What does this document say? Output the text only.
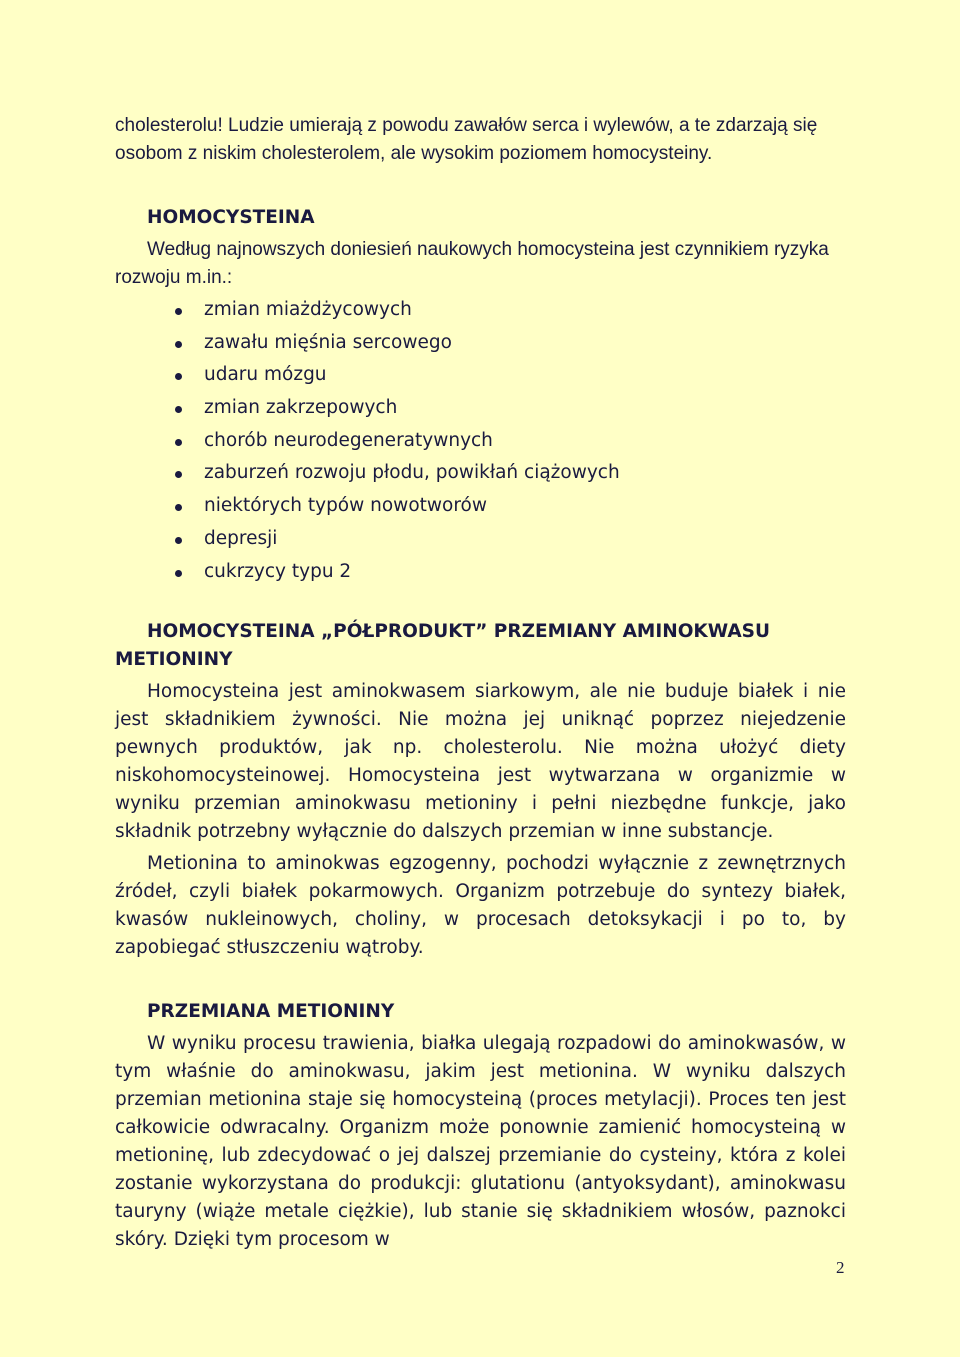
cholesterolu! Ludzie umierają z powodu zawałów serca i wylewów, a te zdarzają się osobom z niskim cholesterolem, ale wysokim poziomem homocysteiny.

HOMOCYSTEINA

Według najnowszych doniesień naukowych homocysteina jest czynnikiem ryzyka rozwoju m.in.:

zmian miażdżycowych
zawału mięśnia sercowego
udaru mózgu
zmian zakrzepowych
chorób neurodegeneratywnych
zaburzeń rozwoju płodu, powikłań ciążowych
niektórych typów nowotworów
depresji
cukrzycy typu 2
HOMOCYSTEINA „PÓŁPRODUKT” PRZEMIANY AMINOKWASU METIONINY

Homocysteina jest aminokwasem siarkowym, ale nie buduje białek i nie jest składnikiem żywności. Nie można jej uniknąć poprzez niejedzenie pewnych produktów, jak np. cholesterolu. Nie można ułożyć diety niskohomocysteinowej. Homocysteina jest wytwarzana w organizmie w wyniku przemian aminokwasu metioniny i pełni niezbędne funkcje, jako składnik potrzebny wyłącznie do dalszych przemian w inne substancje.

Metionina to aminokwas egzogenny, pochodzi wyłącznie z zewnętrznych źródeł, czyli białek pokarmowych. Organizm potrzebuje do syntezy białek, kwasów nukleinowych, choliny, w procesach detoksykacji i po to, by zapobiegać stłuszczeniu wątroby.

PRZEMIANA METIONINY

W wyniku procesu trawienia, białka ulegają rozpadowi do aminokwasów, w tym właśnie do aminokwasu, jakim jest metionina. W wyniku dalszych przemian metionina staje się homocysteiną (proces metylacji). Proces ten jest całkowicie odwracalny. Organizm może ponownie zamienić homocysteiną w metioninę, lub zdecydować o jej dalszej przemianie do cysteiny, która z kolei zostanie wykorzystana do produkcji: glutationu (antyoksydant), aminokwasu tauryny (wiąże metale ciężkie), lub stanie się składnikiem włosów, paznokci skóry. Dzięki tym procesom w

2
